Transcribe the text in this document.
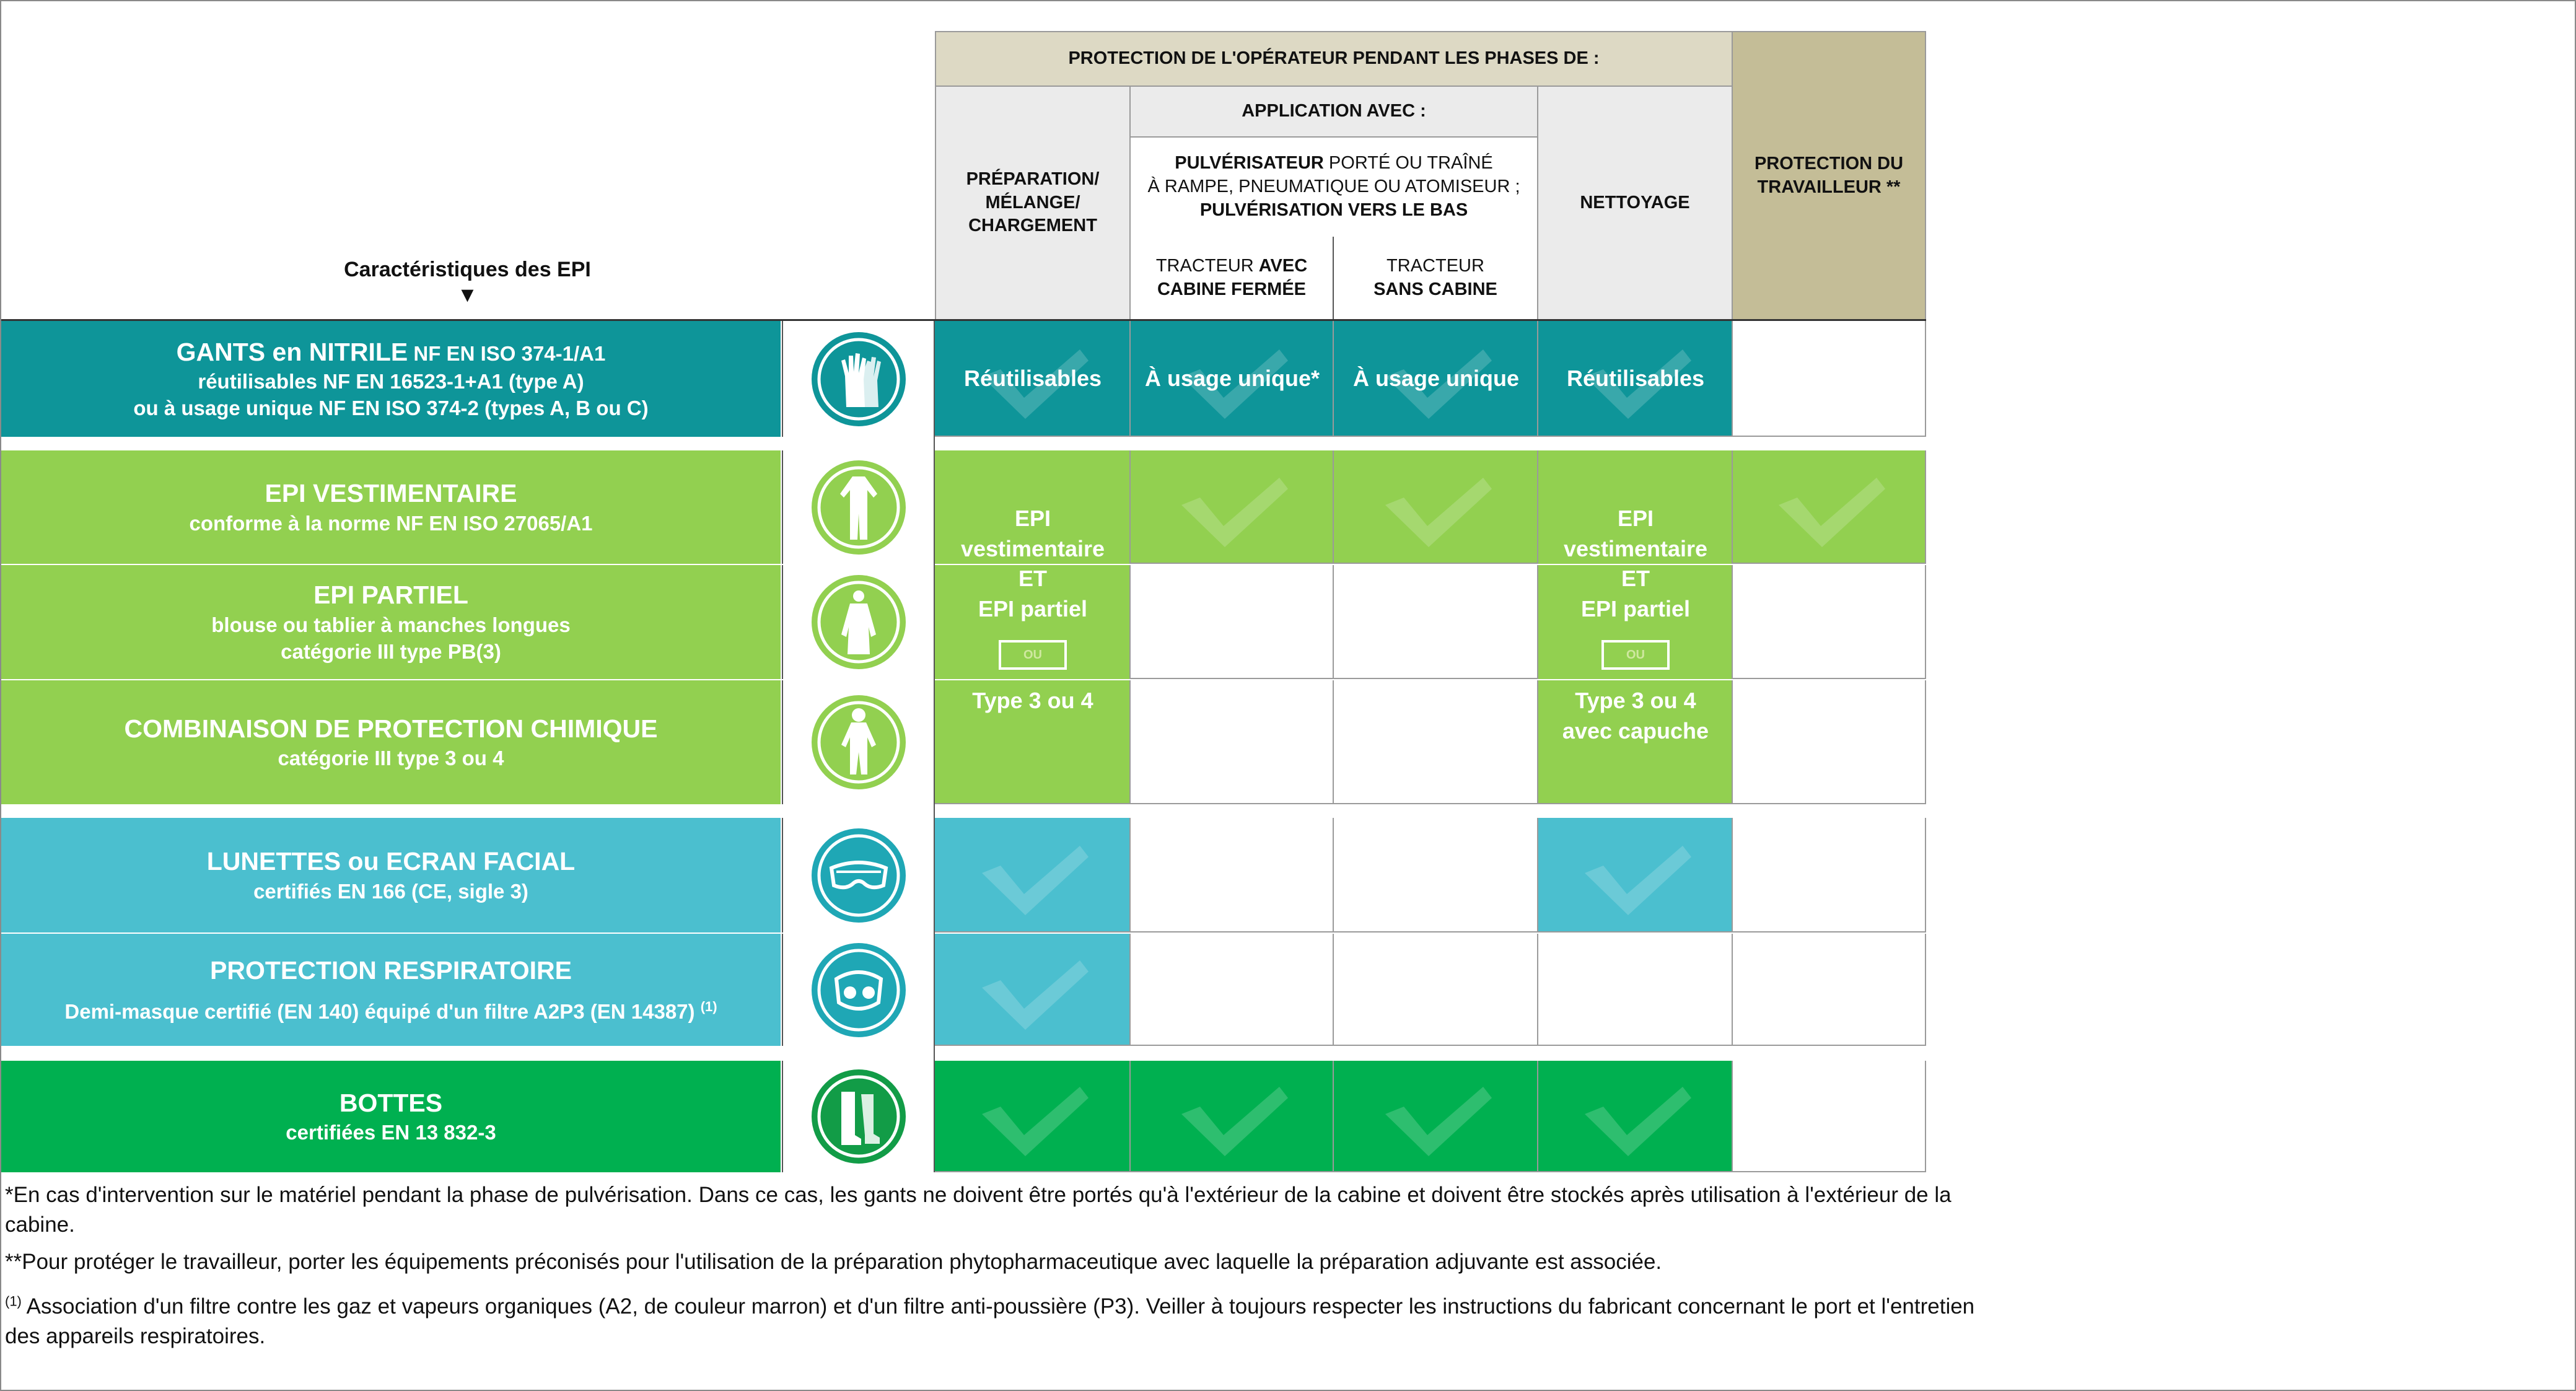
Caractéristiques des EPI
▼
PROTECTION DE L'OPÉRATEUR PENDANT LES PHASES DE :
PRÉPARATION/
MÉLANGE/
CHARGEMENT
APPLICATION AVEC :
PULVÉRISATEUR PORTÉ OU TRAÎNÉ
À RAMPE, PNEUMATIQUE OU ATOMISEUR ;
PULVÉRISATION VERS LE BAS
TRACTEUR AVEC
CABINE FERMÉE
TRACTEUR
SANS CABINE
NETTOYAGE
PROTECTION DU
TRAVAILLEUR **
GANTS en NITRILE NF EN ISO 374-1/A1
réutilisables NF EN 16523-1+A1 (type A)
ou à usage unique NF EN ISO 374-2 (types A, B ou C)
EPI VESTIMENTAIRE
conforme à la norme NF EN ISO 27065/A1
EPI PARTIEL
blouse ou tablier à manches longues
catégorie III type PB(3)
COMBINAISON DE PROTECTION CHIMIQUE
catégorie III type 3 ou 4
LUNETTES ou ECRAN FACIAL
certifiés EN 166 (CE, sigle 3)
PROTECTION RESPIRATOIRE
Demi-masque certifié (EN 140) équipé d'un filtre A2P3 (EN 14387) $^{(1)}$
BOTTES
certifiées EN 13 832-3
Réutilisables À usage unique* À usage unique Réutilisables
EPI
vestimentaire
ET
EPI partiel
OU
Type 3 ou 4
EPI
vestimentaire
ET
EPI partiel
OU
Type 3 ou 4
avec capuche
*En cas d'intervention sur le matériel pendant la phase de pulvérisation. Dans ce cas, les gants ne doivent être portés qu'à l'extérieur de la cabine et doivent être stockés après utilisation à l'extérieur de la cabine.
**Pour protéger le travailleur, porter les équipements préconisés pour l'utilisation de la préparation phytopharmaceutique avec laquelle la préparation adjuvante est associée.
$^{(1)}$ Association d'un filtre contre les gaz et vapeurs organiques (A2, de couleur marron) et d'un filtre anti-poussière (P3). Veiller à toujours respecter les instructions du fabricant concernant le port et l'entretien des appareils respiratoires.
